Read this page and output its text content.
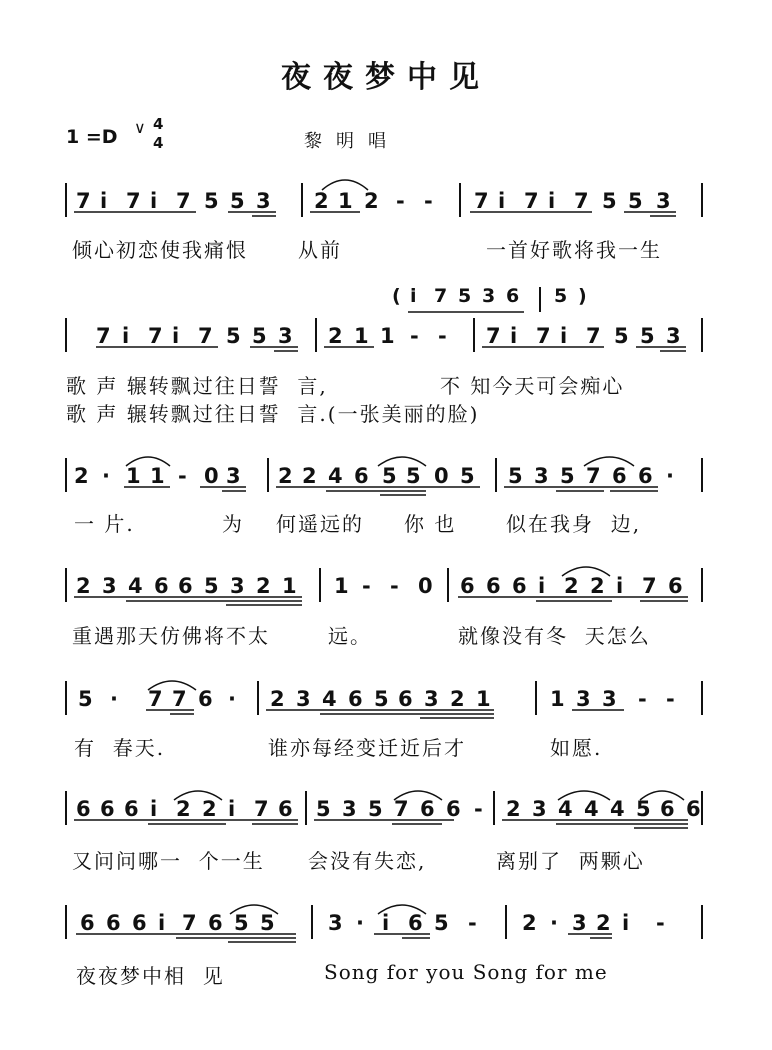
夜夜梦中见
1 =D ∨ 4
4	黎明唱
7 i 7 i 7 5 5 3 2 1 2 - - 7 i 7 i 7 5 5 3
7 i 7 i 7 5 5 3 2 1 1 - - 7 i 7 i 7 5 5 3
2 · 1 1 - 0 3 2 2 4 6 5 5 0 5 5 3 5 7 6 6 ·
2 3 4 6 6 5 3 2 1 1 - - 0 6 6 6 i 2 2 i 7 6
5 · 7 7 6 · 2 3 4 6 5 6 3 2 1	1 3 3 - -
6 6 6 i 2 2 i 7 6 5 3 5 7 6 6 - 2 3 4 4 4 5 6 6
6 6 6 i 7 6 5 5	3 · i 6 5 - 2 · 3 2 i -
( i 7 5 3 6 5 )
倾心初恋使我痛恨	从前	一首好歌将我一生
歌 声 辗转飘过往日誓  言,	不 知今天可会痴心
歌 声 辗转飘过往日誓  言.(一张美丽的脸)
一 片.	为 何遥远的 你 也 似在我身  边,
重遇那天仿佛将不太	远。	就像没有冬  天怎么
有  春天.	谁亦每经变迁近后才	如愿.
又问问哪一  个一生 会没有失恋,	离别了  两颗心
夜夜梦中相  见	Song for you Song for me
